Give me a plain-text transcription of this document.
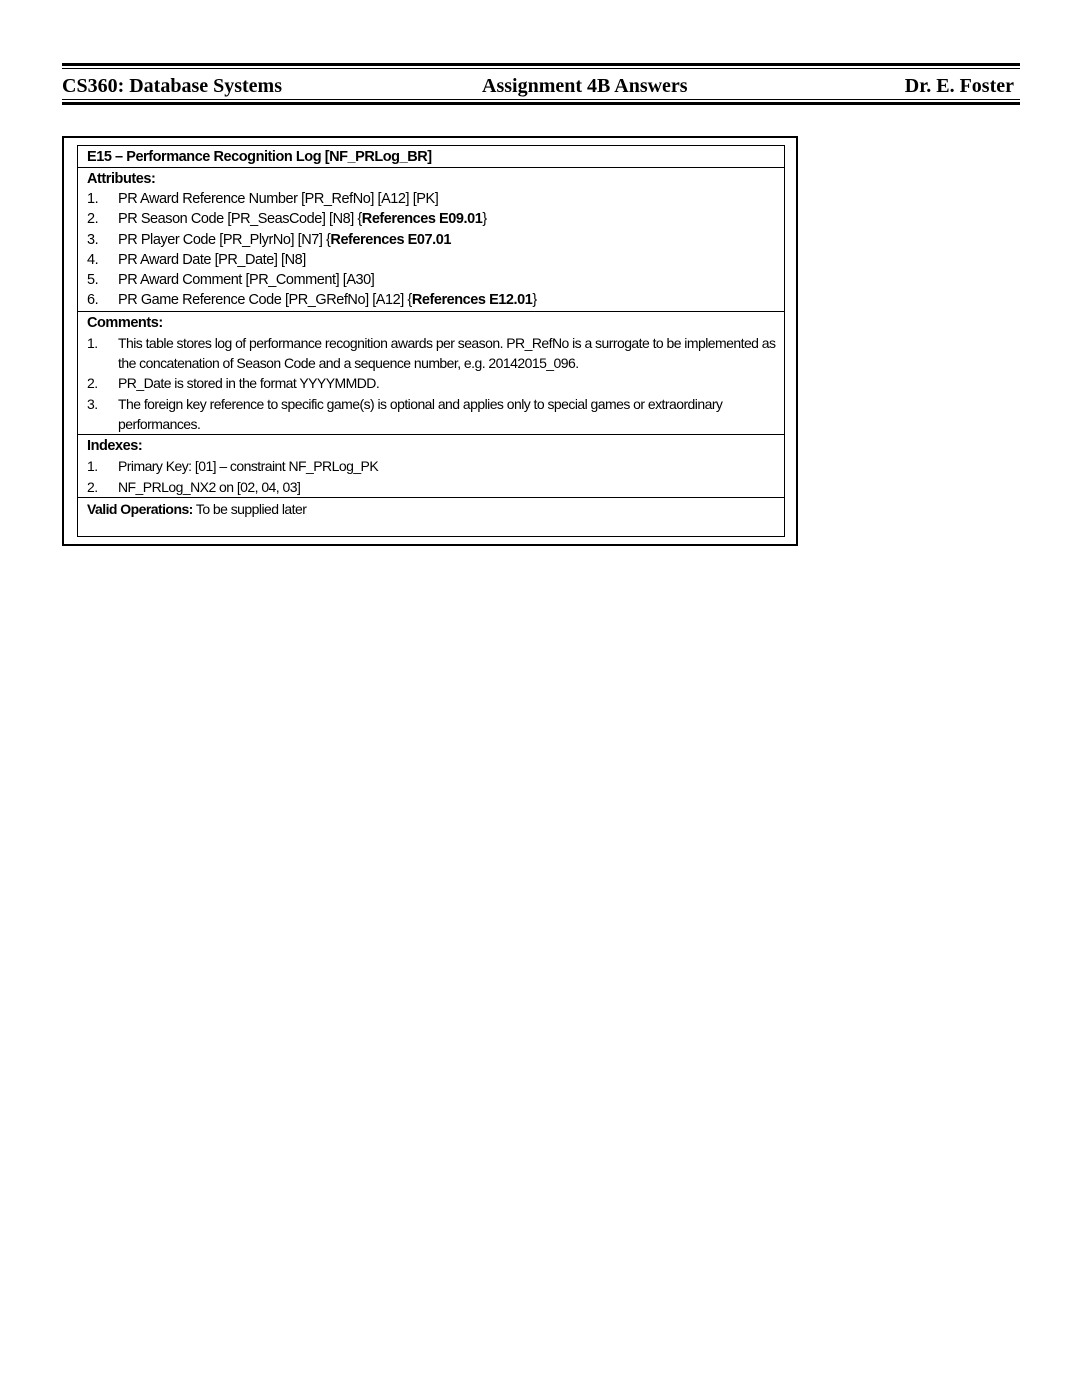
CS360: Database Systems	Assignment 4B Answers	Dr. E. Foster
E15 – Performance Recognition Log [NF_PRLog_BR]
Attributes:
1. PR Award Reference Number [PR_RefNo] [A12] [PK]
2. PR Season Code [PR_SeasCode] [N8] {References E09.01}
3. PR Player Code [PR_PlyrNo] [N7] {References E07.01
4. PR Award Date [PR_Date] [N8]
5. PR Award Comment [PR_Comment] [A30]
6. PR Game Reference Code [PR_GRefNo] [A12] {References E12.01}
Comments:
1. This table stores log of performance recognition awards per season. PR_RefNo is a surrogate to be implemented as the concatenation of Season Code and a sequence number, e.g. 20142015_096.
2. PR_Date is stored in the format YYYYMMDD.
3. The foreign key reference to specific game(s) is optional and applies only to special games or extraordinary performances.
Indexes:
1. Primary Key: [01] – constraint NF_PRLog_PK
2. NF_PRLog_NX2 on [02, 04, 03]
Valid Operations: To be supplied later
